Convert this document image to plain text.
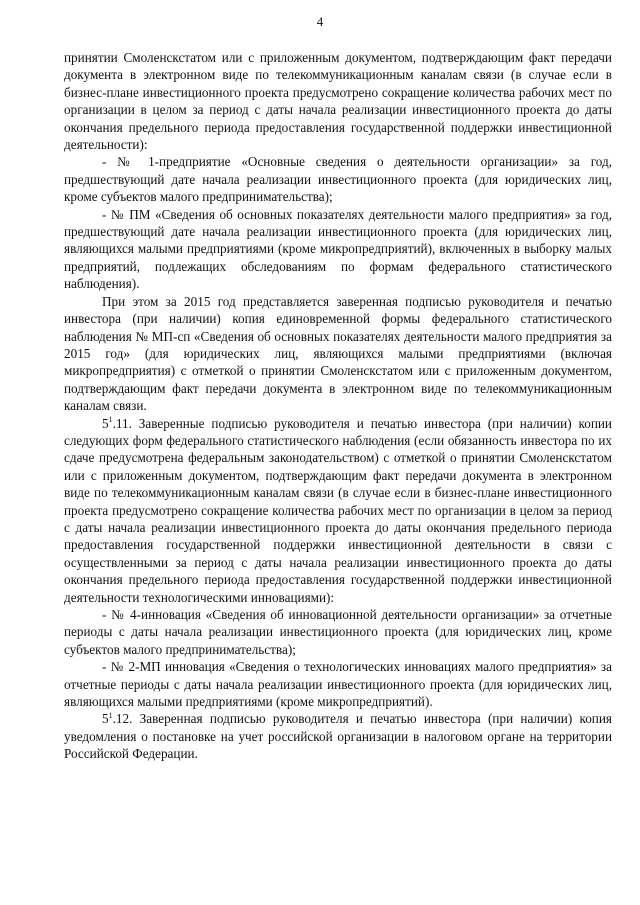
4

принятии Смоленскстатом или с приложенным документом, подтверждающим факт передачи документа в электронном виде по телекоммуникационным каналам связи (в случае если в бизнес-плане инвестиционного проекта предусмотрено сокращение количества рабочих мест по организации в целом за период с даты начала реализации инвестиционного проекта до даты окончания предельного периода предоставления государственной поддержки инвестиционной деятельности):

- № 1-предприятие «Основные сведения о деятельности организации» за год, предшествующий дате начала реализации инвестиционного проекта (для юридических лиц, кроме субъектов малого предпринимательства);

- № ПМ «Сведения об основных показателях деятельности малого предприятия» за год, предшествующий дате начала реализации инвестиционного проекта (для юридических лиц, являющихся малыми предприятиями (кроме микропредприятий), включенных в выборку малых предприятий, подлежащих обследованиям по формам федерального статистического наблюдения).

При этом за 2015 год представляется заверенная подписью руководителя и печатью инвестора (при наличии) копия единовременной формы федерального статистического наблюдения № МП-сп «Сведения об основных показателях деятельности малого предприятия за 2015 год» (для юридических лиц, являющихся малыми предприятиями (включая микропредприятия) с отметкой о принятии Смоленскстатом или с приложенным документом, подтверждающим факт передачи документа в электронном виде по телекоммуникационным каналам связи.

$5^1.11$. Заверенные подписью руководителя и печатью инвестора (при наличии) копии следующих форм федерального статистического наблюдения (если обязанность инвестора по их сдаче предусмотрена федеральным законодательством) с отметкой о принятии Смоленскстатом или с приложенным документом, подтверждающим факт передачи документа в электронном виде по телекоммуникационным каналам связи (в случае если в бизнес-плане инвестиционного проекта предусмотрено сокращение количества рабочих мест по организации в целом за период с даты начала реализации инвестиционного проекта до даты окончания предельного периода предоставления государственной поддержки инвестиционной деятельности в связи с осуществленными за период с даты начала реализации инвестиционного проекта до даты окончания предельного периода предоставления государственной поддержки инвестиционной деятельности технологическими инновациями):

- № 4-инновация «Сведения об инновационной деятельности организации» за отчетные периоды с даты начала реализации инвестиционного проекта (для юридических лиц, кроме субъектов малого предпринимательства);

- № 2-МП инновация «Сведения о технологических инновациях малого предприятия» за отчетные периоды с даты начала реализации инвестиционного проекта (для юридических лиц, являющихся малыми предприятиями (кроме микропредприятий).

$5^1.12$. Заверенная подписью руководителя и печатью инвестора (при наличии) копия уведомления о постановке на учет российской организации в налоговом органе на территории Российской Федерации.
